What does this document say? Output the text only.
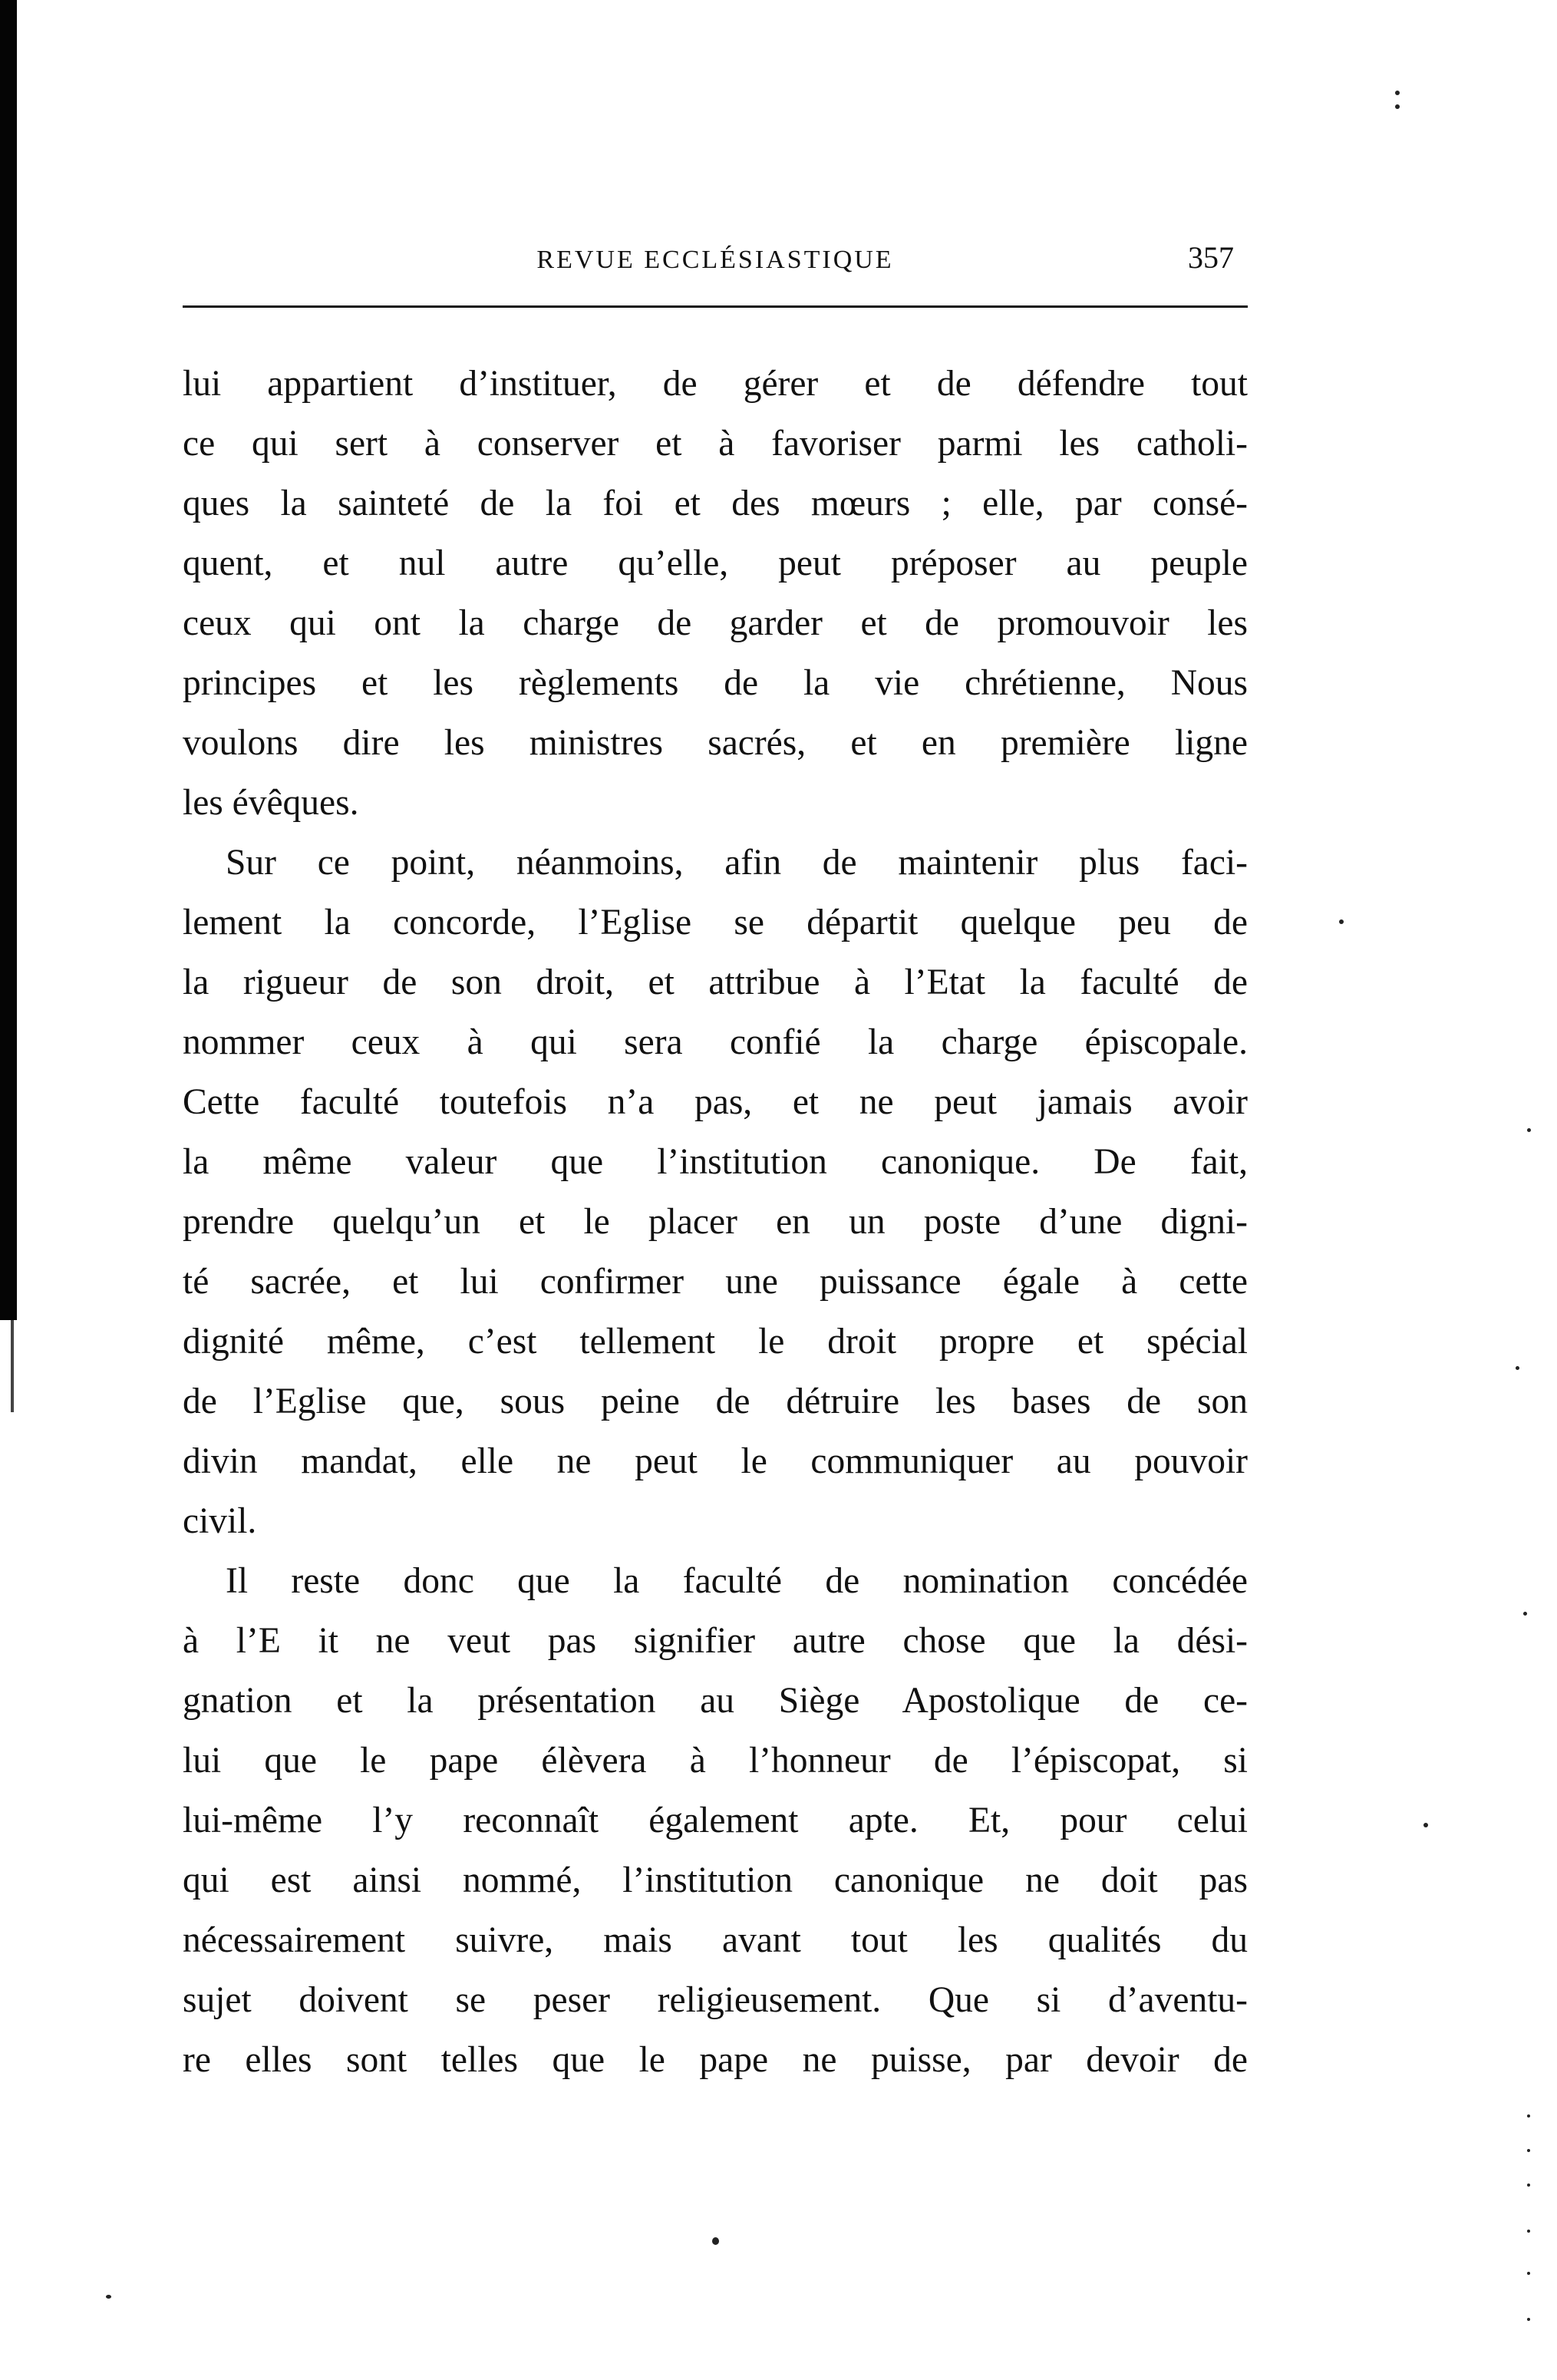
REVUE ECCLÉSIASTIQUE	357
lui appartient d’instituer, de gérer et de défendre tout
ce qui sert à conserver et à favoriser parmi les catholi-
ques la sainteté de la foi et des mœurs ; elle, par consé-
quent, et nul autre qu’elle, peut préposer au peuple
ceux qui ont la charge de garder et de promouvoir les
principes et les règlements de la vie chrétienne, Nous
voulons dire les ministres sacrés, et en première ligne
les évêques.
Sur ce point, néanmoins, afin de maintenir plus faci-
lement la concorde, l’Eglise se départit quelque peu de
la rigueur de son droit, et attribue à l’Etat la faculté de
nommer ceux à qui sera confié la charge épiscopale.
Cette faculté toutefois n’a pas, et ne peut jamais avoir
la même valeur que l’institution canonique. De fait,
prendre quelqu’un et le placer en un poste d’une digni-
té sacrée, et lui confirmer une puissance égale à cette
dignité même, c’est tellement le droit propre et spécial
de l’Eglise que, sous peine de détruire les bases de son
divin mandat, elle ne peut le communiquer au pouvoir
civil.
Il reste donc que la faculté de nomination concédée
à l’E it ne veut pas signifier autre chose que la dési-
gnation et la présentation au Siège Apostolique de ce-
lui que le pape élèvera à l’honneur de l’épiscopat, si
lui-même l’y reconnaît également apte. Et, pour celui
qui est ainsi nommé, l’institution canonique ne doit pas
nécessairement suivre, mais avant tout les qualités du
sujet doivent se peser religieusement. Que si d’aventu-
re elles sont telles que le pape ne puisse, par devoir de
